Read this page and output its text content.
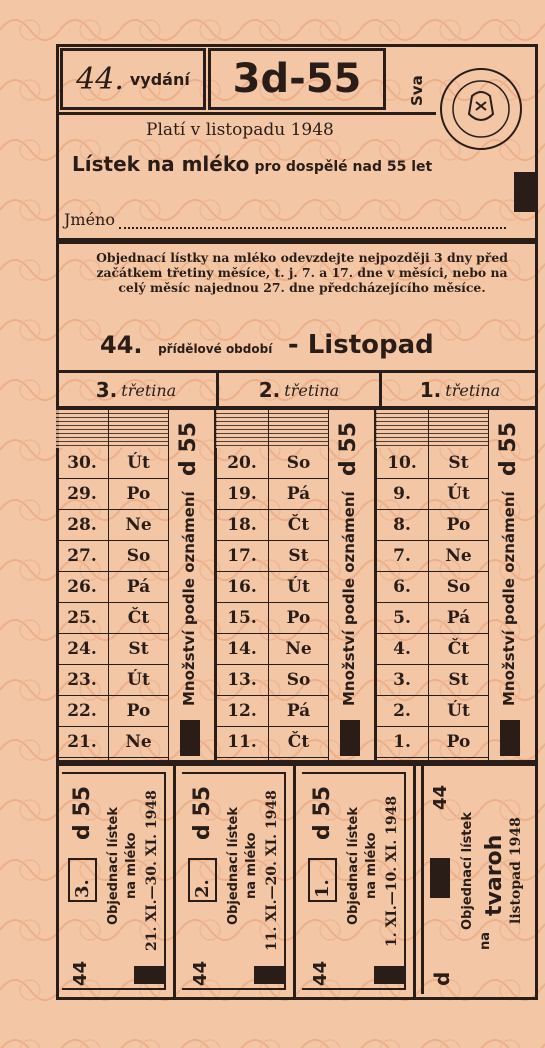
44. vydání	3d-55	Sva
Platí v listopadu 1948
Lístek na mléko pro dospělé nad 55 let
Jméno
Objednací lístky na mléko odevzdejte nejpozději 3 dny před začátkem třetiny měsíce, t. j. 7. a 17. dne v měsíci, nebo na celý měsíc najednou 27. dne předcházejícího měsíce.
44. přídělové období - Listopad
3. třetina	2. třetina	1. třetina
30.	Út
29.	Po
28.	Ne
27.	So
26.	Pá
25.	Čt
24.	St
23.	Út
22.	Po
21.	Ne
d 55
Množství podle oznámení
20.	So
19.	Pá
18.	Čt
17.	St
16.	Út
15.	Po
14.	Ne
13.	So
12.	Pá
11.	Čt
d 55
Množství podle oznámení
10.	St
9.	Út
8.	Po
7.	Ne
6.	So
5.	Pá
4.	Čt
3.	St
2.	Út
1.	Po
d 55
Množství podle oznámení
d 55
3.
44
Objednací lístek na mléko 21. XI.—30. XI. 1948 d 55
2.
44
Objednací lístek na mléko 11. XI.—20. XI. 1948 d 55
1.
44
Objednací lístek na mléko 1. XI.—10. XI. 1948 44
d
Objednací lístek
na
tvaroh listopad 1948
